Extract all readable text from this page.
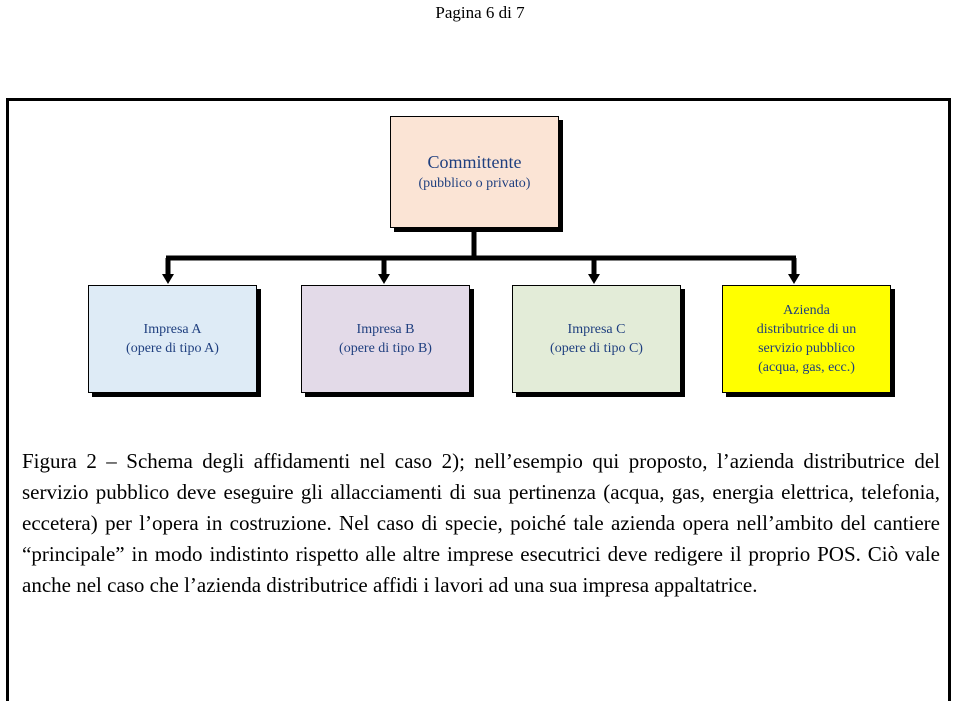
Pagina 6 di 7
Committente
(pubblico o privato)
Impresa A
(opere di tipo A)
Impresa B
(opere di tipo B)
Impresa C
(opere di tipo C)
Azienda
distributrice di un
servizio pubblico
(acqua, gas, ecc.)
Figura 2 – Schema degli affidamenti nel caso 2); nell’esempio qui proposto, l’azienda distributrice del servizio pubblico deve eseguire gli allacciamenti di sua pertinenza (acqua, gas, energia elettrica, telefonia, eccetera) per l’opera in costruzione. Nel caso di specie, poiché tale azienda opera nell’ambito del cantiere “principale” in modo indistinto rispetto alle altre imprese esecutrici deve redigere il proprio POS. Ciò vale anche nel caso che l’azienda distributrice affidi i lavori ad una sua impresa appaltatrice.
